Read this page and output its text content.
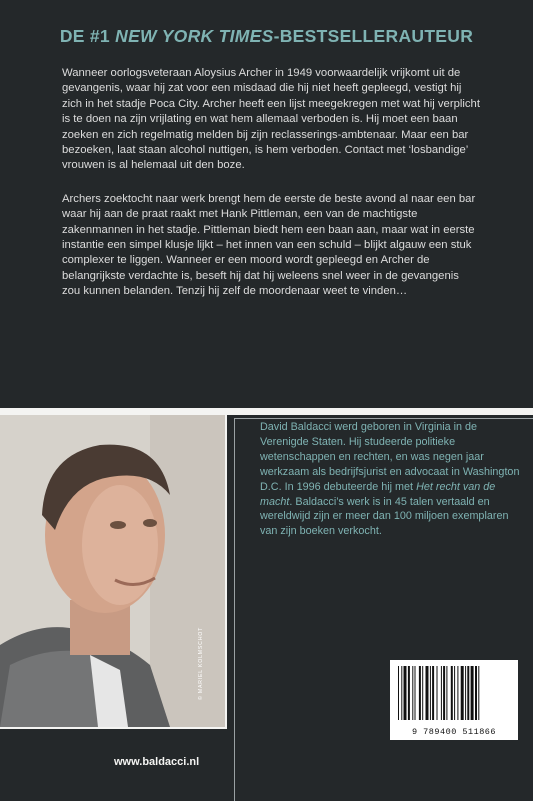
DE #1 NEW YORK TIMES-BESTSELLERAUTEUR

Wanneer oorlogsveteraan Aloysius Archer in 1949 voorwaardelijk vrijkomt uit de gevangenis, waar hij zat voor een misdaad die hij niet heeft gepleegd, vestigt hij zich in het stadje Poca City. Archer heeft een lijst meegekregen met wat hij verplicht is te doen na zijn vrijlating en wat hem allemaal verboden is. Hij moet een baan zoeken en zich regelmatig melden bij zijn reclasserings-ambtenaar. Maar een bar bezoeken, laat staan alcohol nuttigen, is hem verboden. Contact met ‘losbandige’ vrouwen is al helemaal uit den boze.

Archers zoektocht naar werk brengt hem de eerste de beste avond al naar een bar waar hij aan de praat raakt met Hank Pittleman, een van de machtigste zakenmannen in het stadje. Pittleman biedt hem een baan aan, maar wat in eerste instantie een simpel klusje lijkt – het innen van een schuld – blijkt algauw een stuk complexer te liggen. Wanneer er een moord wordt gepleegd en Archer de belangrijkste verdachte is, beseft hij dat hij weleens snel weer in de gevangenis zou kunnen belanden. Tenzij hij zelf de moordenaar weet te vinden…

© MARIEL KOLMSCHOT
David Baldacci werd geboren in Virginia in de Verenigde Staten. Hij studeerde politieke wetenschappen en rechten, en was negen jaar werkzaam als bedrijfsjurist en advocaat in Washington D.C. In 1996 debuteerde hij met Het recht van de macht. Baldacci’s werk is in 45 talen vertaald en wereldwijd zijn er meer dan 100 miljoen exemplaren van zijn boeken verkocht.
www.baldacci.nl
9 789400 511866
